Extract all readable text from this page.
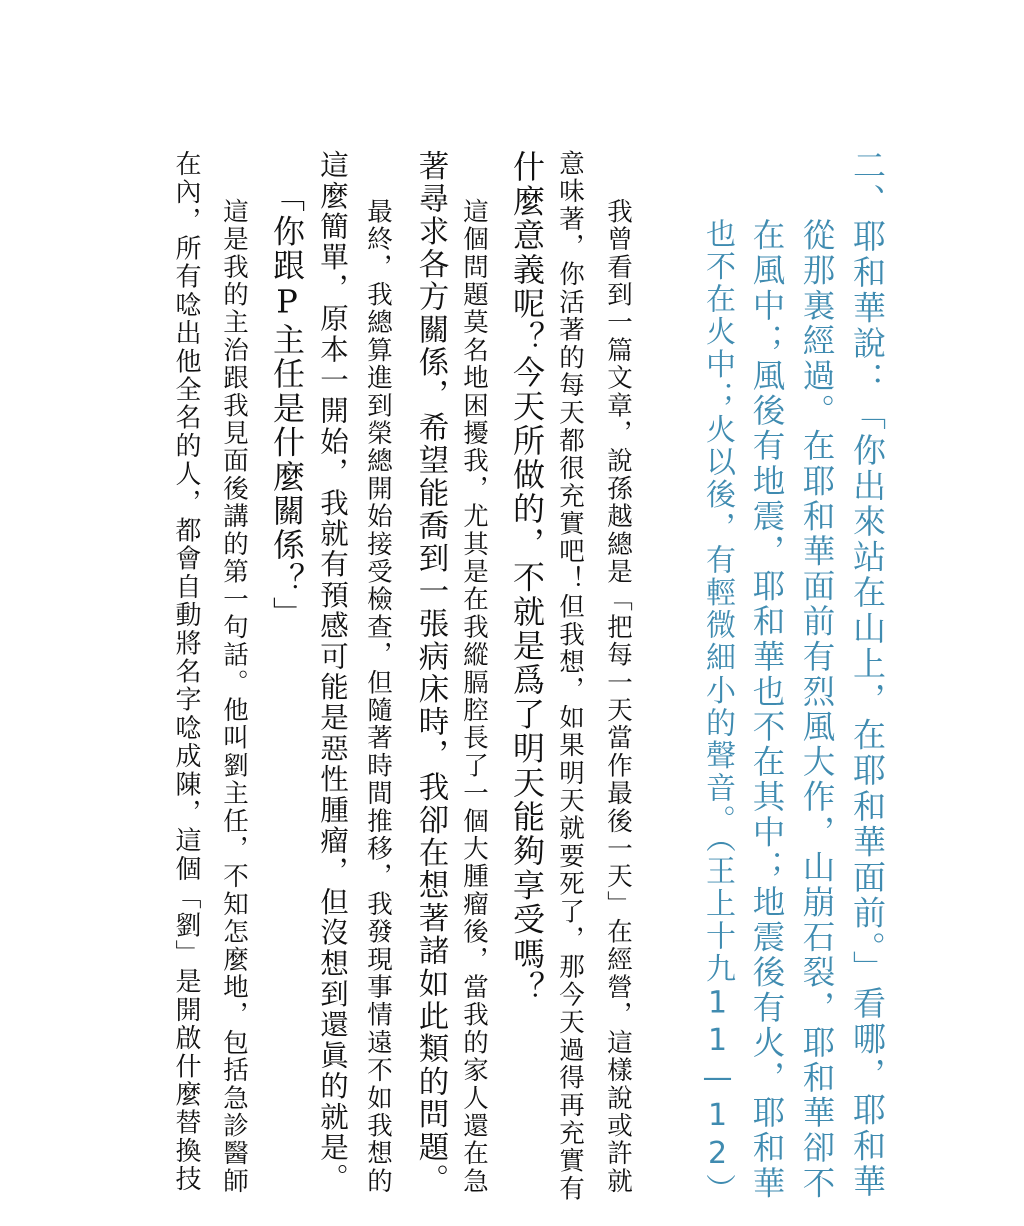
二、耶和華說：「你出來站在山上，在耶和華面前。」看哪，耶和華

從那裏經過。在耶和華面前有烈風大作，山崩石裂，耶和華卻不

在風中；風後有地震，耶和華也不在其中；地震後有火，耶和華

也不在火中；火以後，有輕微細小的聲音。（王上十九11—12）

我曾看到一篇文章，說孫越總是「把每一天當作最後一天」在經營，這樣說或許就

意味著，你活著的每天都很充實吧！但我想，如果明天就要死了，那今天過得再充實有

什麼意義呢？今天所做的，不就是爲了明天能夠享受嗎？

這個問題莫名地困擾我，尤其是在我縱膈腔長了一個大腫瘤後，當我的家人還在急

著尋求各方關係，希望能喬到一張病床時，我卻在想著諸如此類的問題。

最終，我總算進到榮總開始接受檢查，但隨著時間推移，我發現事情遠不如我想的

這麼簡單，原本一開始，我就有預感可能是惡性腫瘤，但沒想到還眞的就是。

「你跟P主任是什麼關係？」

這是我的主治跟我見面後講的第一句話。他叫劉主任，不知怎麼地，包括急診醫師

在內，所有唸出他全名的人，都會自動將名字唸成陳，這個「劉」是開啟什麼替換技
